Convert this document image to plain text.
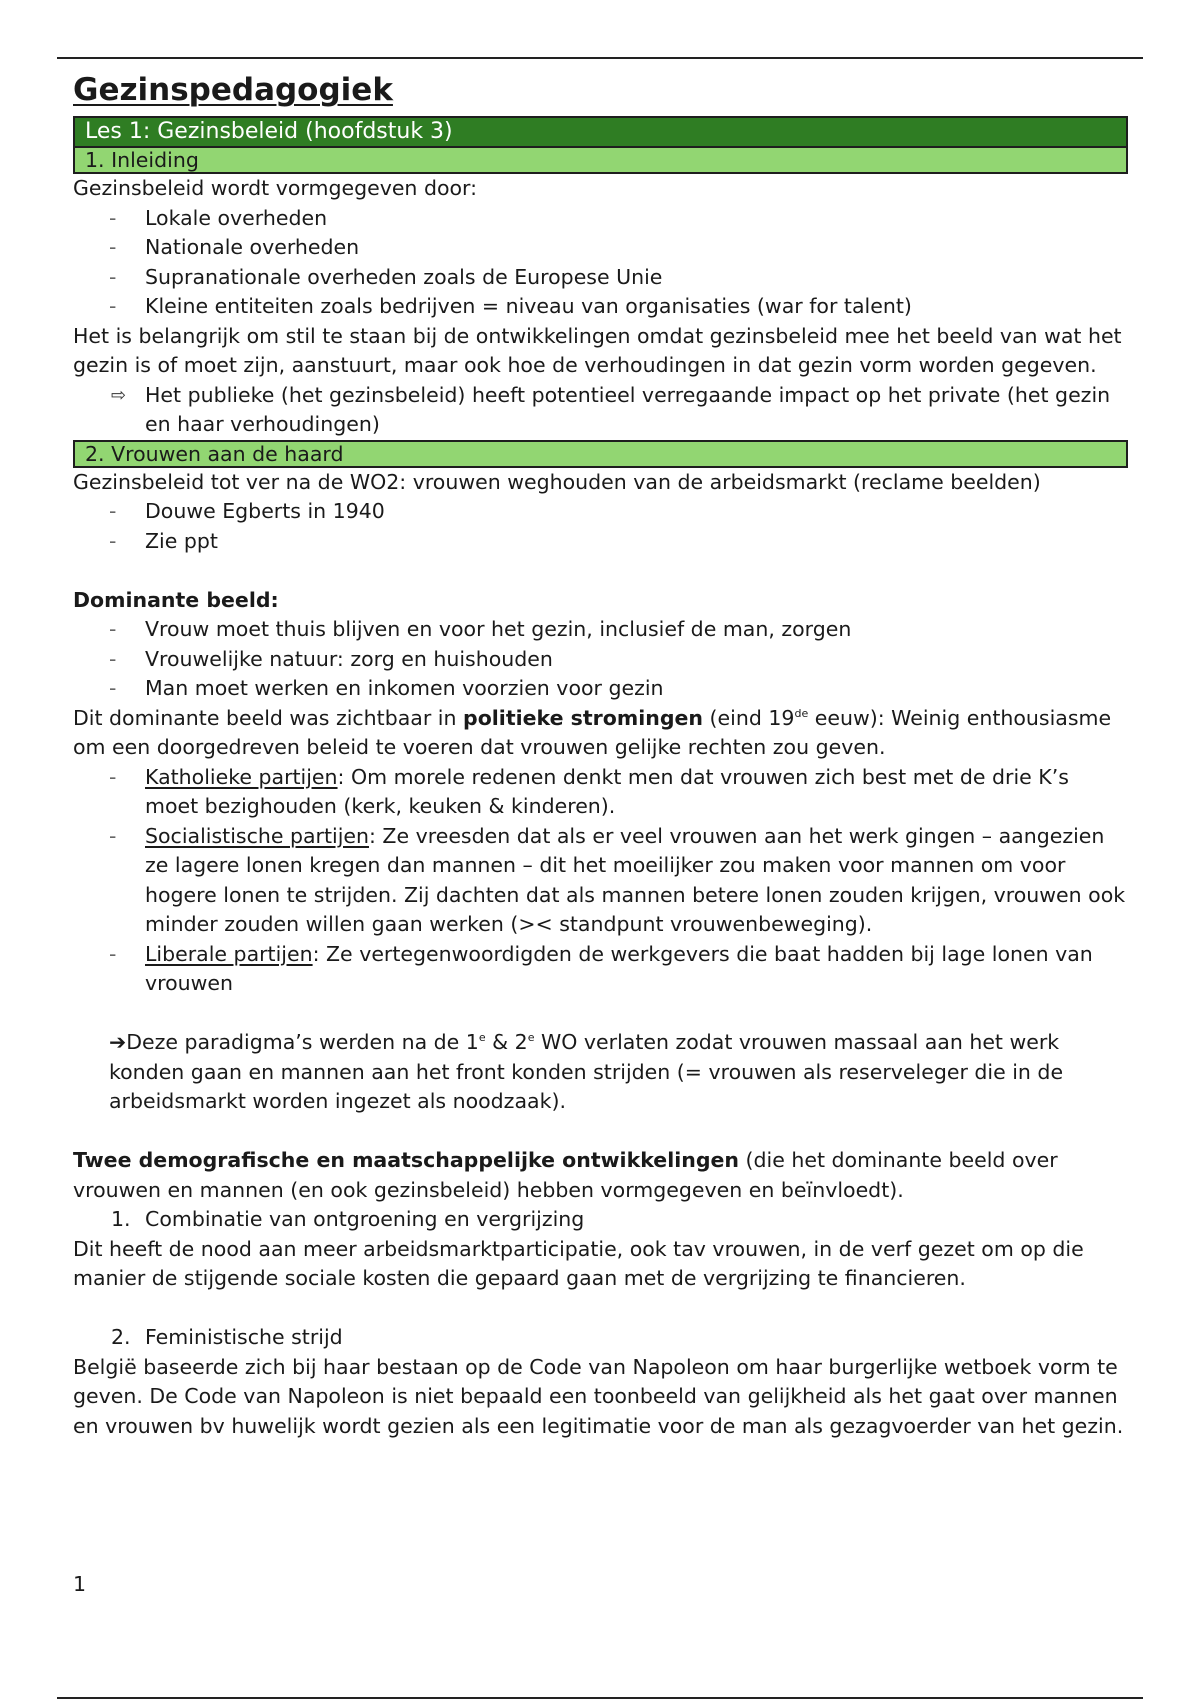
Gezinspedagogiek
Les 1: Gezinsbeleid (hoofdstuk 3)
1. Inleiding

Gezinsbeleid wordt vormgegeven door:

-	Lokale overheden
-	Nationale overheden
-	Supranationale overheden zoals de Europese Unie
-	Kleine entiteiten zoals bedrijven = niveau van organisaties (war for talent)

Het is belangrijk om stil te staan bij de ontwikkelingen omdat gezinsbeleid mee het beeld van wat het gezin is of moet zijn, aanstuurt, maar ook hoe de verhoudingen in dat gezin vorm worden gegeven.

⇨ Het publieke (het gezinsbeleid) heeft potentieel verregaande impact op het private (het gezin en haar verhoudingen)
2. Vrouwen aan de haard

Gezinsbeleid tot ver na de WO2: vrouwen weghouden van de arbeidsmarkt (reclame beelden)

-	Douwe Egberts in 1940
-	Zie ppt

Dominante beeld:

-	Vrouw moet thuis blijven en voor het gezin, inclusief de man, zorgen
-	Vrouwelijke natuur: zorg en huishouden
-	Man moet werken en inkomen voorzien voor gezin

Dit dominante beeld was zichtbaar in politieke stromingen (eind 19de eeuw): Weinig enthousiasme om een doorgedreven beleid te voeren dat vrouwen gelijke rechten zou geven.

-	Katholieke partijen: Om morele redenen denkt men dat vrouwen zich best met de drie K’s moet bezighouden (kerk, keuken & kinderen).
-	Socialistische partijen: Ze vreesden dat als er veel vrouwen aan het werk gingen – aangezien ze lagere lonen kregen dan mannen – dit het moeilijker zou maken voor mannen om voor hogere lonen te strijden. Zij dachten dat als mannen betere lonen zouden krijgen, vrouwen ook minder zouden willen gaan werken (>< standpunt vrouwenbeweging).
-	Liberale partijen: Ze vertegenwoordigden de werkgevers die baat hadden bij lage lonen van vrouwen

➔Deze paradigma’s werden na de 1e & 2e WO verlaten zodat vrouwen massaal aan het werk konden gaan en mannen aan het front konden strijden (= vrouwen als reserveleger die in de arbeidsmarkt worden ingezet als noodzaak).

Twee demografische en maatschappelijke ontwikkelingen (die het dominante beeld over vrouwen en mannen (en ook gezinsbeleid) hebben vormgegeven en beïnvloedt).

1. Combinatie van ontgroening en vergrijzing

Dit heeft de nood aan meer arbeidsmarktparticipatie, ook tav vrouwen, in de verf gezet om op die manier de stijgende sociale kosten die gepaard gaan met de vergrijzing te financieren.

2. Feministische strijd

België baseerde zich bij haar bestaan op de Code van Napoleon om haar burgerlijke wetboek vorm te geven. De Code van Napoleon is niet bepaald een toonbeeld van gelijkheid als het gaat over mannen en vrouwen bv huwelijk wordt gezien als een legitimatie voor de man als gezagvoerder van het gezin.

1
